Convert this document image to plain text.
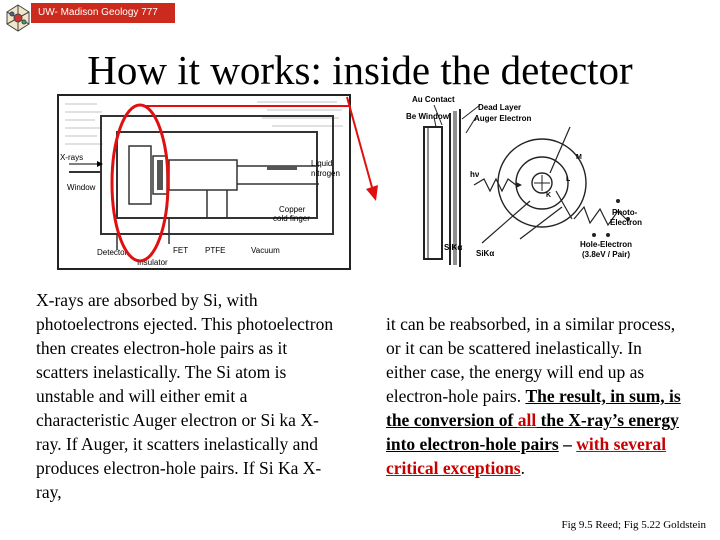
UW- Madison Geology 777
How it works: inside the detector
X-rays
Window
Liquid
nitrogen
Copper
cold finger
Detector	FET PTFE	Vacuum
Insulator
Au Contact
Be Window
Dead Layer
Auger Electron
Photo-
Electron
Hole-Electron
(3.8eV / Pair)
SiKα
SiKα
hν
K
L
M
X-rays are absorbed by Si, with photoelectrons ejected. This photoelectron then creates electron-hole pairs as it scatters inelastically. The Si atom is unstable and will either emit a characteristic Auger electron or Si ka X-ray. If Auger, it scatters inelastically and produces electron-hole pairs. If Si Ka X-ray,
it can be reabsorbed, in a similar process, or it can be scattered inelastically. In either case, the energy will end up as electron-hole pairs. The result, in sum, is the conversion of all the X-ray’s energy into electron-hole pairs – with several critical exceptions.
Fig 9.5 Reed; Fig 5.22 Goldstein
